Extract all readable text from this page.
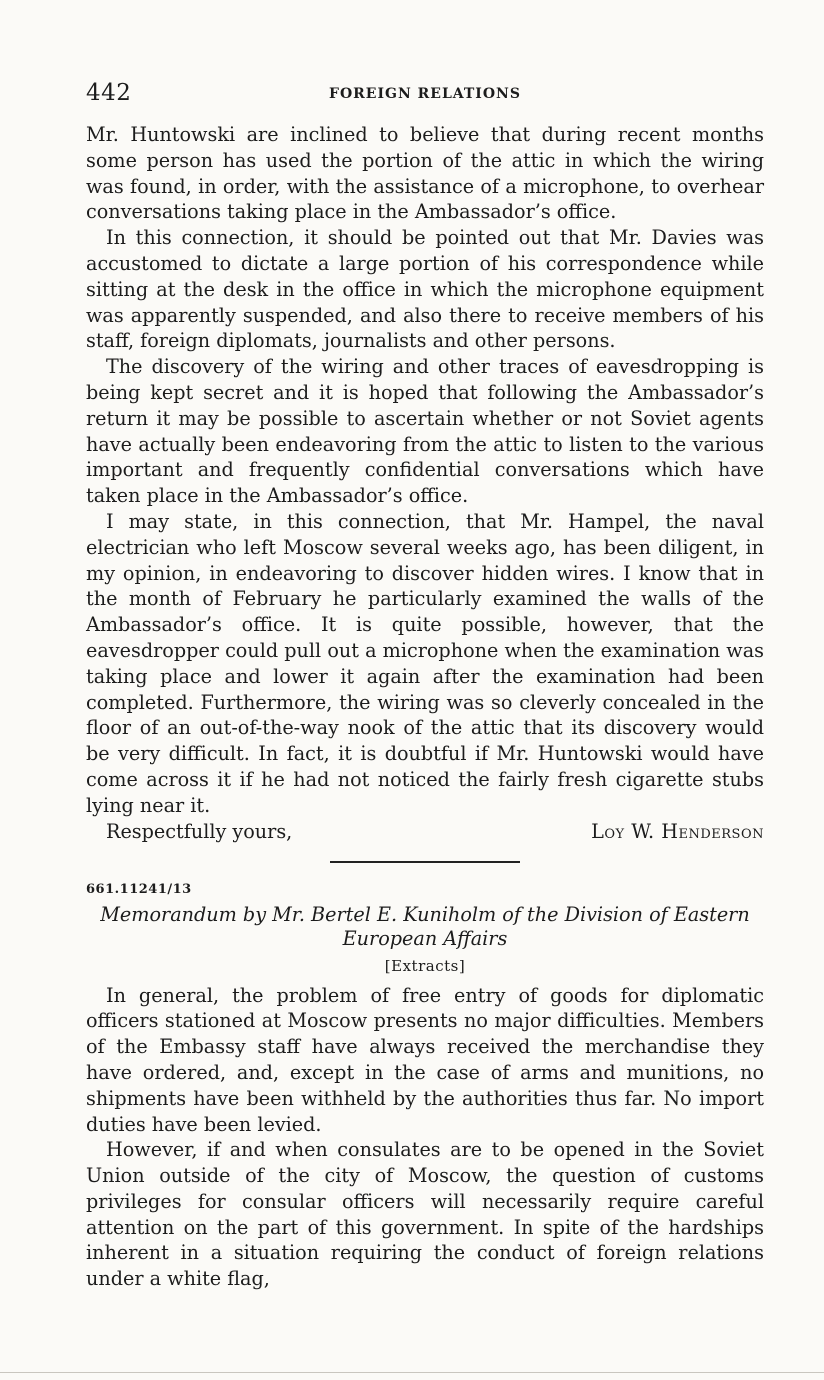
442	FOREIGN RELATIONS

Mr. Huntowski are inclined to believe that during recent months some person has used the portion of the attic in which the wiring was found, in order, with the assistance of a microphone, to overhear conversations taking place in the Ambassador’s office.

In this connection, it should be pointed out that Mr. Davies was accustomed to dictate a large portion of his correspondence while sitting at the desk in the office in which the microphone equipment was apparently suspended, and also there to receive members of his staff, foreign diplomats, journalists and other persons.

The discovery of the wiring and other traces of eavesdropping is being kept secret and it is hoped that following the Ambassador’s return it may be possible to ascertain whether or not Soviet agents have actually been endeavoring from the attic to listen to the various important and frequently confidential conversations which have taken place in the Ambassador’s office.

I may state, in this connection, that Mr. Hampel, the naval electrician who left Moscow several weeks ago, has been diligent, in my opinion, in endeavoring to discover hidden wires. I know that in the month of February he particularly examined the walls of the Ambassador’s office. It is quite possible, however, that the eavesdropper could pull out a microphone when the examination was taking place and lower it again after the examination had been completed. Furthermore, the wiring was so cleverly concealed in the floor of an out-of-the-way nook of the attic that its discovery would be very difficult. In fact, it is doubtful if Mr. Huntowski would have come across it if he had not noticed the fairly fresh cigarette stubs lying near it.

Respectfully yours,	Loy W. Henderson
661.11241/13
Memorandum by Mr. Bertel E. Kuniholm of the Division of Eastern European Affairs
[Extracts]

In general, the problem of free entry of goods for diplomatic officers stationed at Moscow presents no major difficulties. Members of the Embassy staff have always received the merchandise they have ordered, and, except in the case of arms and munitions, no shipments have been withheld by the authorities thus far. No import duties have been levied.

However, if and when consulates are to be opened in the Soviet Union outside of the city of Moscow, the question of customs privileges for consular officers will necessarily require careful attention on the part of this government. In spite of the hardships inherent in a situation requiring the conduct of foreign relations under a white flag,
